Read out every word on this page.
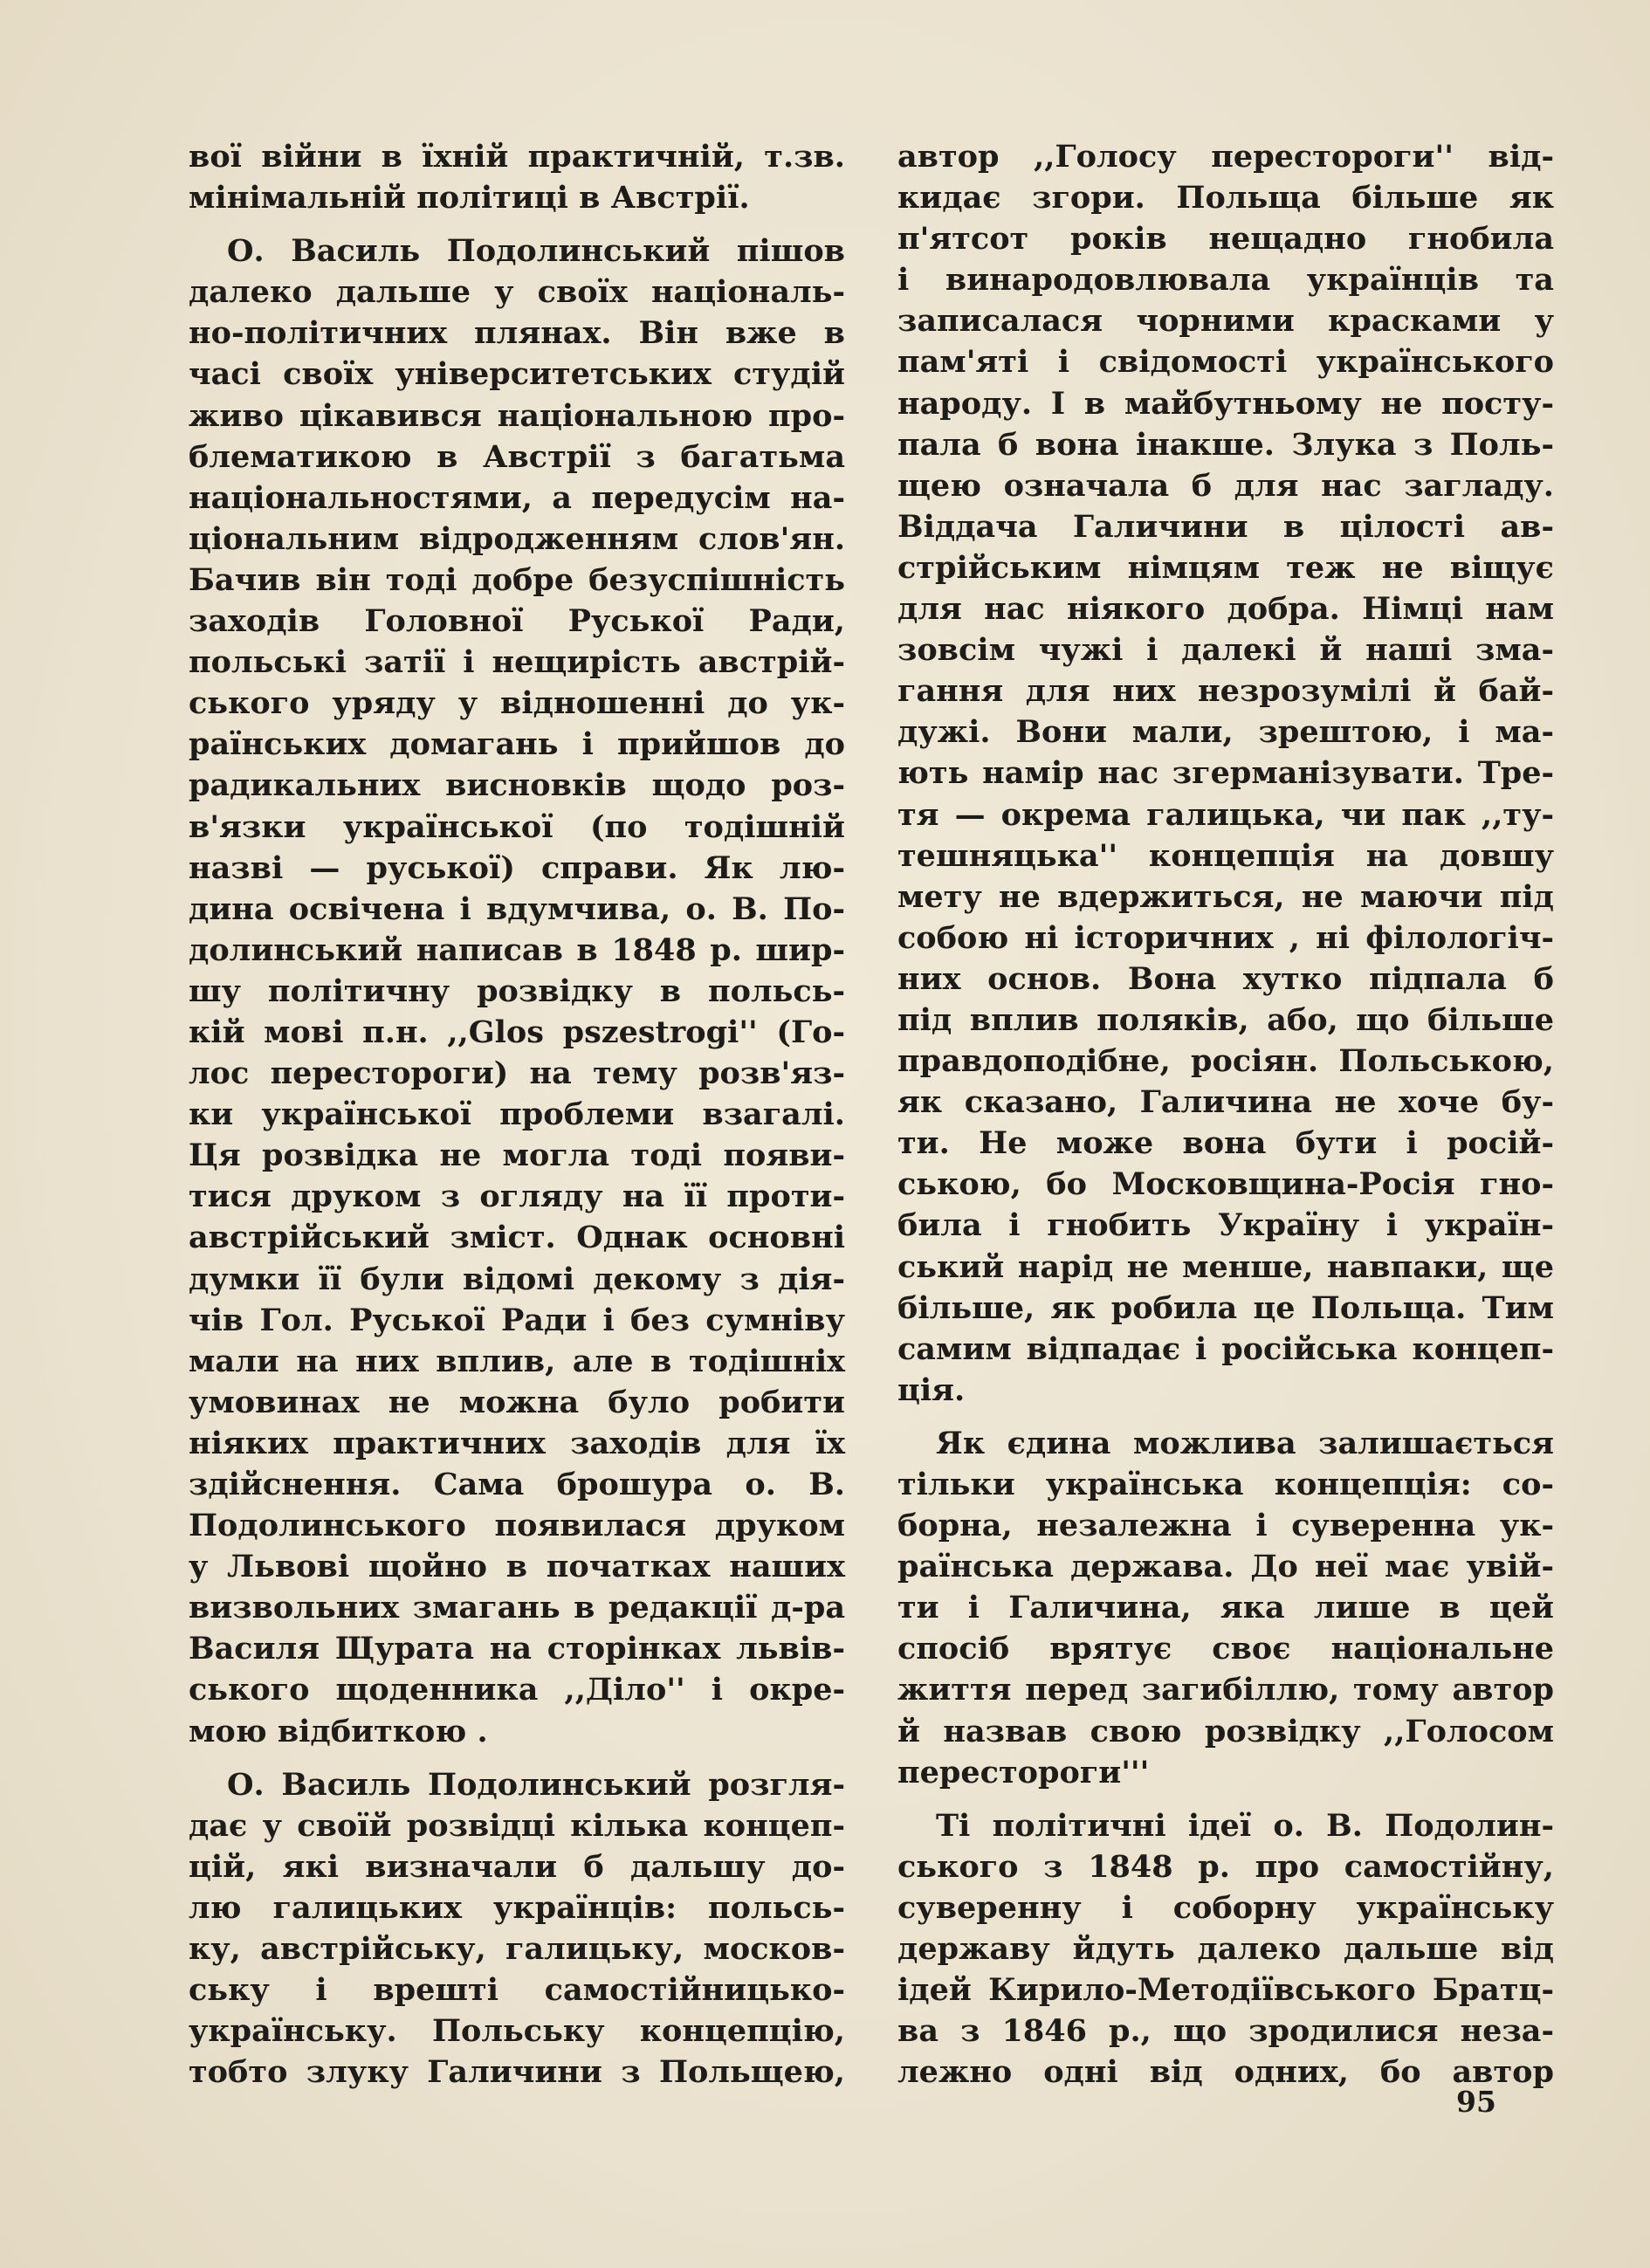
вої війни в їхній практичній, т.зв.
мінімальній політиці в Австрії.

О. Василь Подолинський пішов
далеко дальше у своїх національ-
но-політичних плянах. Він вже в
часі своїх університетських студій
живо цікавився національною про-
блематикою в Австрії з багатьма
національностями, а передусім на-
ціональним відродженням слов'ян.
Бачив він тоді добре безуспішність
заходів Головної Руської Ради,
польські затії і нещирість австрій-
ського уряду у відношенні до ук-
раїнських домагань і прийшов до
радикальних висновків щодо роз-
в'язки української (по тодішній
назві — руської) справи. Як лю-
дина освічена і вдумчива, о. В. По-
долинський написав в 1848 р. шир-
шу політичну розвідку в польсь-
кій мові п.н. ,,Glos pszestrogi'' (Го-
лос перестороги) на тему розв'яз-
ки української проблеми взагалі.
Ця розвідка не могла тоді появи-
тися друком з огляду на її проти-
австрійський зміст. Однак основні
думки її були відомі декому з дія-
чів Гол. Руської Ради і без сумніву
мали на них вплив, але в тодішніх
умовинах не можна було робити
ніяких практичних заходів для їх
здійснення. Сама брошура о. В.
Подолинського появилася друком
у Львові щойно в початках наших
визвольних змагань в редакції д-ра
Василя Щурата на сторінках львів-
ського щоденника ,,Діло'' і окре-
мою відбиткою .

О. Василь Подолинський розгля-
дає у своїй розвідці кілька концеп-
цій, які визначали б дальшу до-
лю галицьких українців: польсь-
ку, австрійську, галицьку, москов-
ську і врешті самостійницько-
українську. Польську концепцію,
тобто злуку Галичини з Польщею,

автор ,,Голосу перестороги'' від-
кидає згори. Польща більше як
п'ятсот років нещадно гнобила
і винародовлювала українців та
записалася чорними красками у
пам'яті і свідомості українського
народу. І в майбутньому не посту-
пала б вона інакше. Злука з Поль-
щею означала б для нас загладу.
Віддача Галичини в цілості ав-
стрійським німцям теж не віщує
для нас ніякого добра. Німці нам
зовсім чужі і далекі й наші зма-
гання для них незрозумілі й бай-
дужі. Вони мали, зрештою, і ма-
ють намір нас згерманізувати. Тре-
тя — окрема галицька, чи пак ,,ту-
тешняцька'' концепція на довшу
мету не вдержиться, не маючи під
собою ні історичних , ні філологіч-
них основ. Вона хутко підпала б
під вплив поляків, або, що більше
правдоподібне, росіян. Польською,
як сказано, Галичина не хоче бу-
ти. Не може вона бути і росій-
ською, бо Московщина-Росія гно-
била і гнобить Україну і україн-
ський нарід не менше, навпаки, ще
більше, як робила це Польща. Тим
самим відпадає і російська концеп-
ція.

Як єдина можлива залишається
тільки українська концепція: со-
борна, незалежна і суверенна ук-
раїнська держава. До неї має увій-
ти і Галичина, яка лише в цей
спосіб врятує своє національне
життя перед загибіллю, тому автор
й назвав свою розвідку ,,Голосом
перестороги'''

Ті політичні ідеї о. В. Подолин-
ського з 1848 р. про самостійну,
суверенну і соборну українську
державу йдуть далеко дальше від
ідей Кирило-Методіївського Братц-
ва з 1846 р., що зродилися неза-
лежно одні від одних, бо автор

95
